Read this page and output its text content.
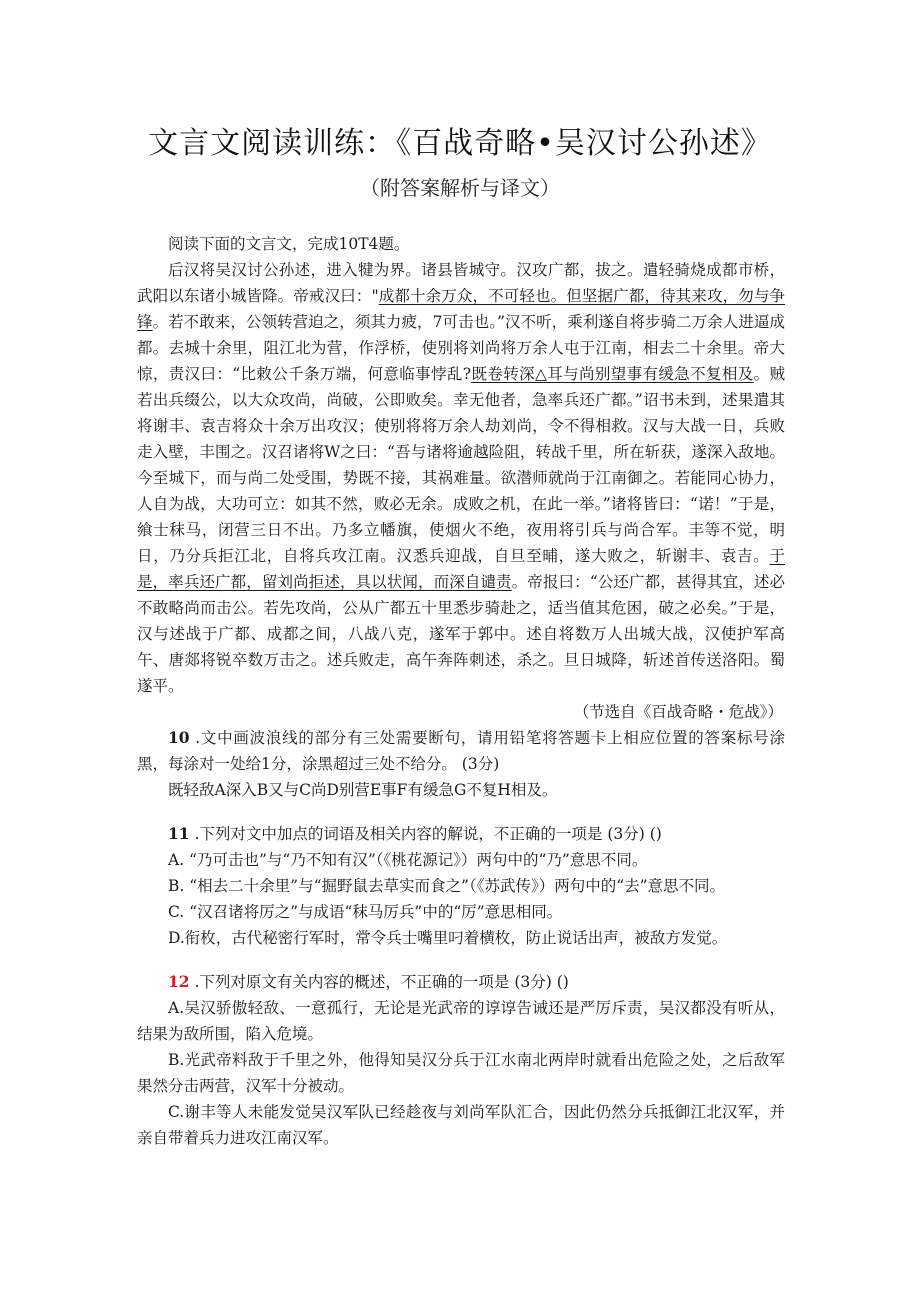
文言文阅读训练：《百战奇略•吴汉讨公孙述》
（附答案解析与译文）

阅读下面的文言文，完成10T4题。

后汉将吴汉讨公孙述，进入犍为界。诸县皆城守。汉攻广都，拔之。遣轻骑烧成都市桥，武阳以东诸小城皆降。帝戒汉曰："成都十余万众，不可轻也。但坚据广都，待其来攻，勿与争锋。若不敢来，公领转营迫之，须其力疲，7可击也。”汉不听，乘利遂自将步骑二万余人进逼成都。去城十余里，阻江北为营，作浮桥，使别将刘尚将万余人屯于江南，相去二十余里。帝大惊，责汉曰：“比敕公千条万端，何意临事悖乱?既卷转深△耳与尚别望事有缓急不复相及。贼若出兵缀公，以大众攻尚，尚破，公即败矣。幸无他者，急率兵还广都。”诏书未到，述果遣其将谢丰、袁吉将众十余万出攻汉；使别将将万余人劫刘尚，令不得相救。汉与大战一日，兵败走入壁，丰围之。汉召诸将W之曰：“吾与诸将逾越险阻，转战千里，所在斩获，遂深入敌地。今至城下，而与尚二处受围，势既不接，其祸难量。欲潜师就尚于江南御之。若能同心协力，人自为战，大功可立：如其不然，败必无余。成败之机，在此一举。”诸将皆曰：“诺！”于是，飨士秣马，闭营三日不出。乃多立幡旗，使烟火不绝，夜用将引兵与尚合军。丰等不觉，明日，乃分兵拒江北，自将兵攻江南。汉悉兵迎战，自旦至晡，遂大败之，斩谢丰、袁吉。于是，率兵还广都，留刘尚拒述，具以状闻，而深自谴责。帝报曰：“公还广都，甚得其宜，述必不敢略尚而击公。若先攻尚，公从广都五十里悉步骑赴之，适当值其危困，破之必矣。”于是，汉与述战于广都、成都之间，八战八克，遂军于郭中。述自将数万人出城大战，汉使护军高午、唐郯将锐卒数万击之。述兵败走，高午奔阵刺述，杀之。旦日城降，斩述首传送洛阳。蜀遂平。

（节选自《百战奇略・危战》）

10 .文中画波浪线的部分有三处需要断句，请用铅笔将答题卡上相应位置的答案标号涂黑，每涂对一处给1分，涂黑超过三处不给分。 (3分)

既轻敌A深入B又与C尚D别营E事F有缓急G不复H相及。

11 .下列对文中加点的词语及相关内容的解说，不正确的一项是 (3分) ()

A. “乃可击也”与“乃不知有汉”（《桃花源记》）两句中的“乃”意思不同。

B. “相去二十余里”与“掘野鼠去草实而食之”（《苏武传》）两句中的“去”意思不同。

C. “汉召诸将厉之”与成语“秣马厉兵”中的“厉”意思相同。

D.衔枚，古代秘密行军时，常令兵士嘴里叼着横枚，防止说话出声，被敌方发觉。

12 .下列对原文有关内容的概述，不正确的一项是 (3分) ()

A.吴汉骄傲轻敌、一意孤行，无论是光武帝的谆谆告诫还是严厉斥责，吴汉都没有听从，结果为敌所围，陷入危境。

B.光武帝料敌于千里之外，他得知吴汉分兵于江水南北两岸时就看出危险之处，之后敌军果然分击两营，汉军十分被动。

C.谢丰等人未能发觉吴汉军队已经趁夜与刘尚军队汇合，因此仍然分兵抵御江北汉军，并亲自带着兵力进攻江南汉军。
